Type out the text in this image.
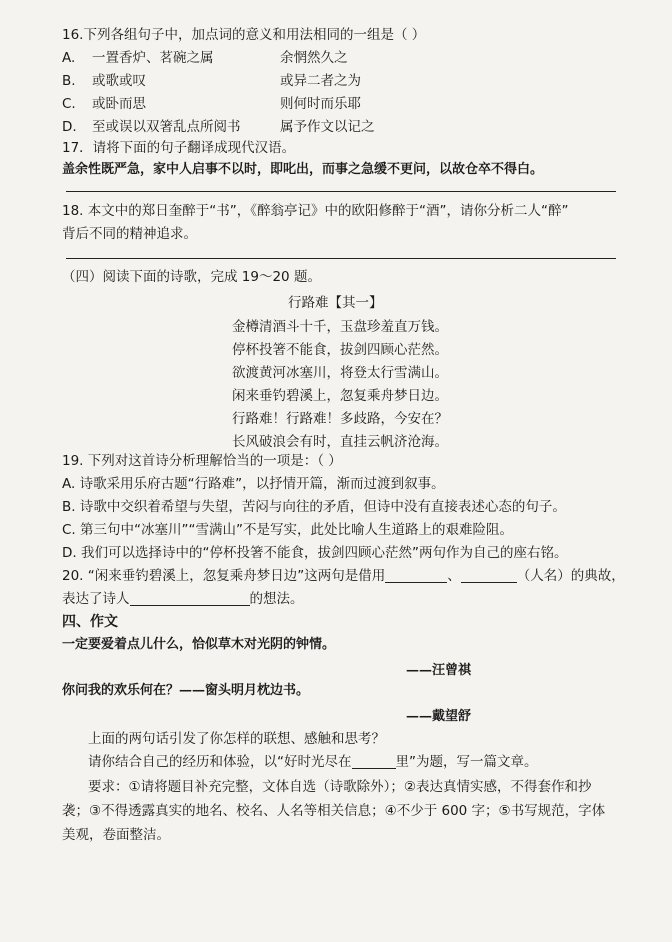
16.下列各组句子中，加点词的意义和用法相同的一组是（ ）
A. 一置香炉、茗碗之属	余惘然久之
B. 或歌或叹	或异二者之为
C. 或卧而思	则何时而乐耶
D. 至或误以双箸乱点所阅书	属予作文以记之
17．请将下面的句子翻译成现代汉语。
盖余性既严急，家中人启事不以时，即叱出，而事之急缓不更问，以故仓卒不得白。
18. 本文中的郑日奎醉于“书”，《醉翁亭记》中的欧阳修醉于“酒”，请你分析二人“醉”
背后不同的精神追求。
（四）阅读下面的诗歌，完成 19～20 题。
行路难【其一】
金樽清酒斗十千，玉盘珍羞直万钱。
停杯投箸不能食，拔剑四顾心茫然。
欲渡黄河冰塞川，将登太行雪满山。
闲来垂钓碧溪上，忽复乘舟梦日边。
行路难！行路难！多歧路，今安在？
长风破浪会有时，直挂云帆济沧海。
19. 下列对这首诗分析理解恰当的一项是：（ ）
A. 诗歌采用乐府古题“行路难”，以抒情开篇，渐而过渡到叙事。
B. 诗歌中交织着希望与失望，苦闷与向往的矛盾，但诗中没有直接表述心态的句子。
C. 第三句中“冰塞川”“雪满山”不是写实，此处比喻人生道路上的艰难险阻。
D. 我们可以选择诗中的“停杯投箸不能食，拔剑四顾心茫然”两句作为自己的座右铭。
20. “闲来垂钓碧溪上，忽复乘舟梦日边”这两句是借用	、	（人名）的典故，
表达了诗人	的想法。
四、作文
一定要爱着点儿什么，恰似草木对光阴的钟情。
——汪曾祺
你问我的欢乐何在？——窗头明月枕边书。
——戴望舒
上面的两句话引发了你怎样的联想、感触和思考？
请你结合自己的经历和体验，以“好时光尽在	里”为题，写一篇文章。
要求：①请将题目补充完整，文体自选（诗歌除外）；②表达真情实感，不得套作和抄
袭；③不得透露真实的地名、校名、人名等相关信息；④不少于 600 字；⑤书写规范，字体
美观，卷面整洁。
